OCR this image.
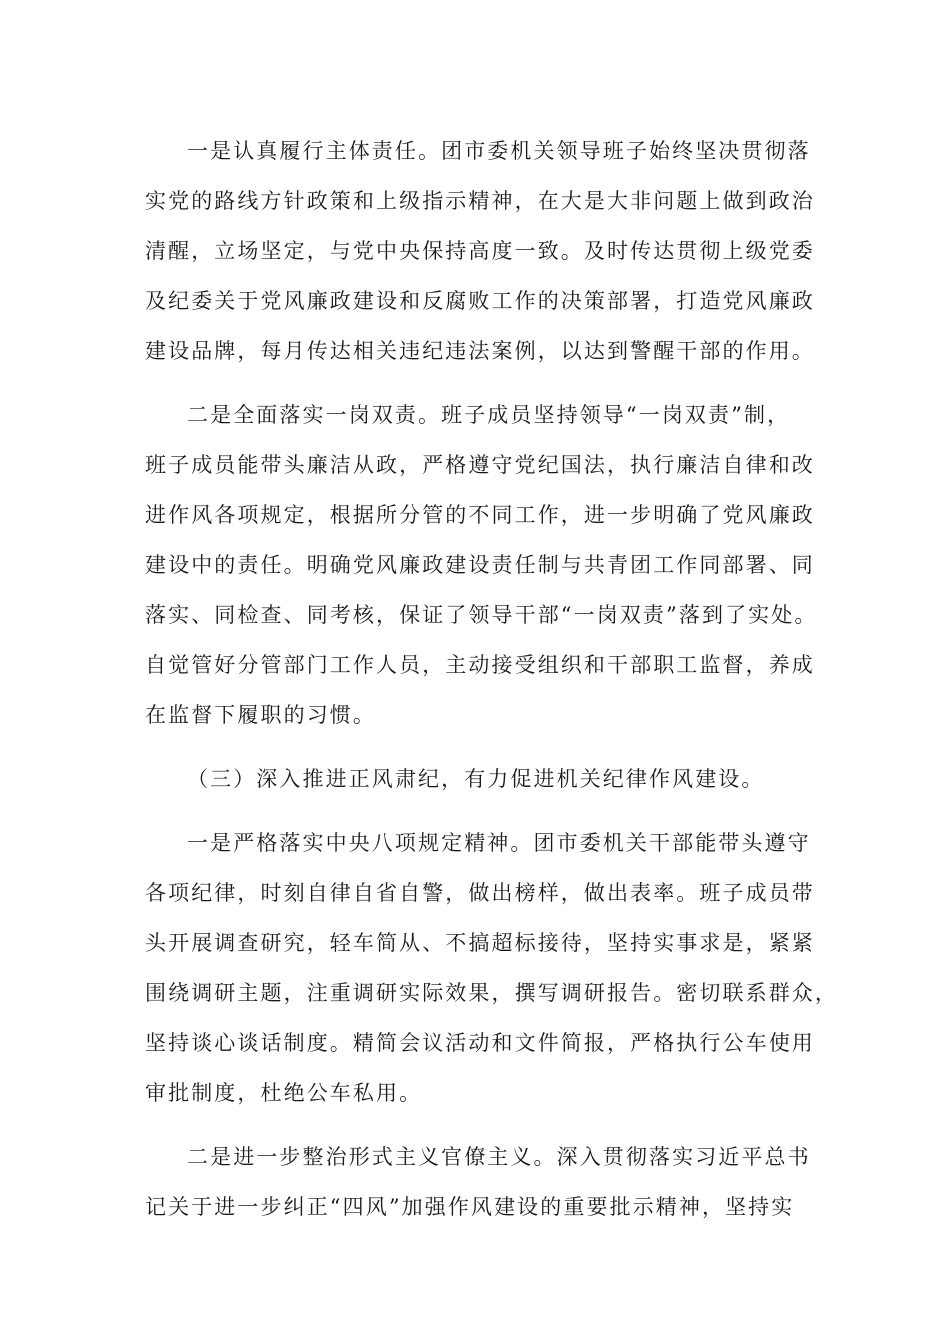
一是认真履行主体责任。团市委机关领导班子始终坚决贯彻落
实党的路线方针政策和上级指示精神，在大是大非问题上做到政治
清醒，立场坚定，与党中央保持高度一致。及时传达贯彻上级党委
及纪委关于党风廉政建设和反腐败工作的决策部署，打造党风廉政
建设品牌，每月传达相关违纪违法案例，以达到警醒干部的作用。
二是全面落实一岗双责。班子成员坚持领导“一岗双责”制，
班子成员能带头廉洁从政，严格遵守党纪国法，执行廉洁自律和改
进作风各项规定，根据所分管的不同工作，进一步明确了党风廉政
建设中的责任。明确党风廉政建设责任制与共青团工作同部署、同
落实、同检查、同考核，保证了领导干部“一岗双责”落到了实处。
自觉管好分管部门工作人员，主动接受组织和干部职工监督，养成
在监督下履职的习惯。
（三）深入推进正风肃纪，有力促进机关纪律作风建设。
一是严格落实中央八项规定精神。团市委机关干部能带头遵守
各项纪律，时刻自律自省自警，做出榜样，做出表率。班子成员带
头开展调查研究，轻车简从、不搞超标接待，坚持实事求是，紧紧
围绕调研主题，注重调研实际效果，撰写调研报告。密切联系群众，
坚持谈心谈话制度。精简会议活动和文件简报，严格执行公车使用
审批制度，杜绝公车私用。
二是进一步整治形式主义官僚主义。深入贯彻落实习近平总书
记关于进一步纠正“四风”加强作风建设的重要批示精神，坚持实
